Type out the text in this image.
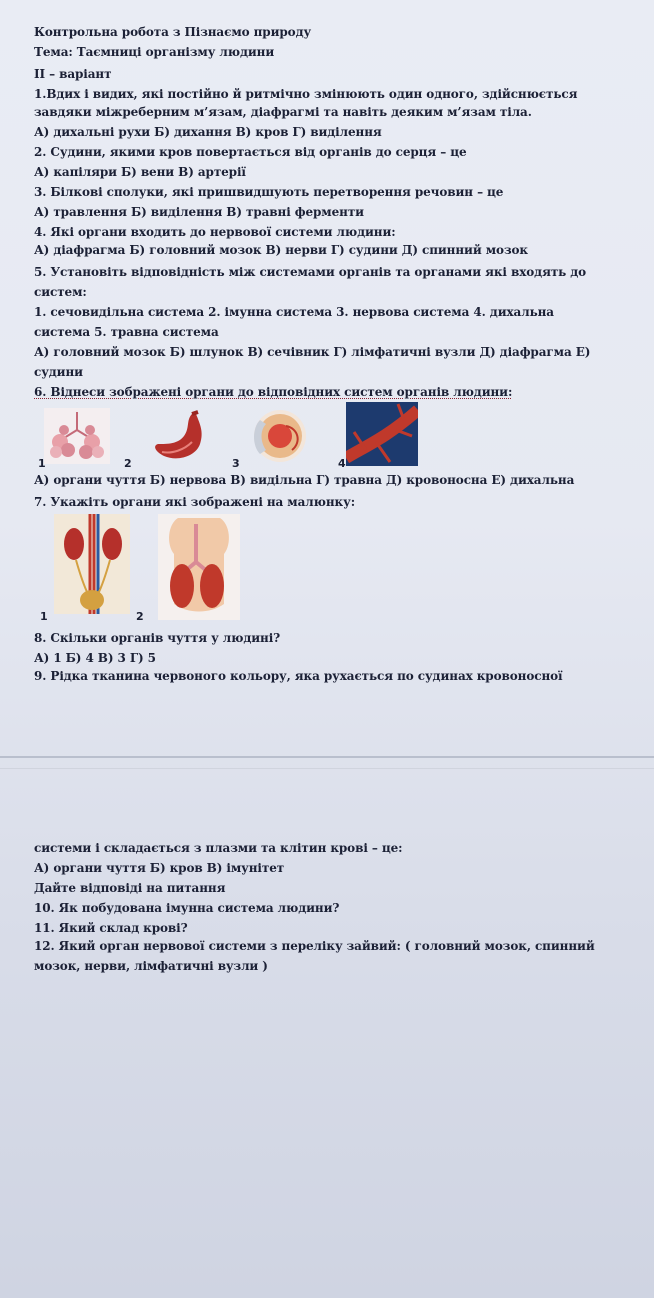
Контрольна робота з Пізнаємо природу
Тема: Таємниці організму людини
ІІ – варіант
1.Вдих і видих, які постійно й ритмічно змінюють один одного, здійснюється
завдяки міжреберним м’язам, діафрагмі та навіть деяким м’язам тіла.
А) дихальні рухи Б) дихання В) кров Г) виділення
2. Судини, якими кров повертається від органів до серця – це
А) капіляри Б) вени В) артерії
3. Білкові сполуки, які пришвидшують перетворення речовин – це
А) травлення Б) виділення В) травні ферменти
4. Які органи входить до нервової системи людини:
А) діафрагма Б) головний мозок В) нерви Г) судини Д) спинний мозок
5. Установіть відповідність між системами органів та органами які входять до
систем:
1. сечовидільна система 2. імунна система 3. нервова система 4. дихальна
система 5. травна система
А) головний мозок Б) шлунок В) сечівник Г) лімфатичні вузли Д) діафрагма Е)
судини
6. Віднеси зображені органи до відповідних систем органів людини:
1	2	3	4
А) органи чуття Б) нервова В) видільна Г) травна Д) кровоносна Е) дихальна
7. Укажіть органи які зображені на малюнку:
1	2
8. Скільки органів чуття у людині?
А) 1 Б) 4 В) 3 Г) 5
9. Рідка тканина червоного кольору, яка рухається по судинах кровоносної
системи і складається з плазми та клітин крові – це:
А) органи чуття Б) кров В) імунітет
Дайте відповіді на питання
10. Як побудована імунна система людини?
11. Який склад крові?
12. Який орган нервової системи з переліку зайвий: ( головний мозок, спинний
мозок, нерви, лімфатичні вузли )
